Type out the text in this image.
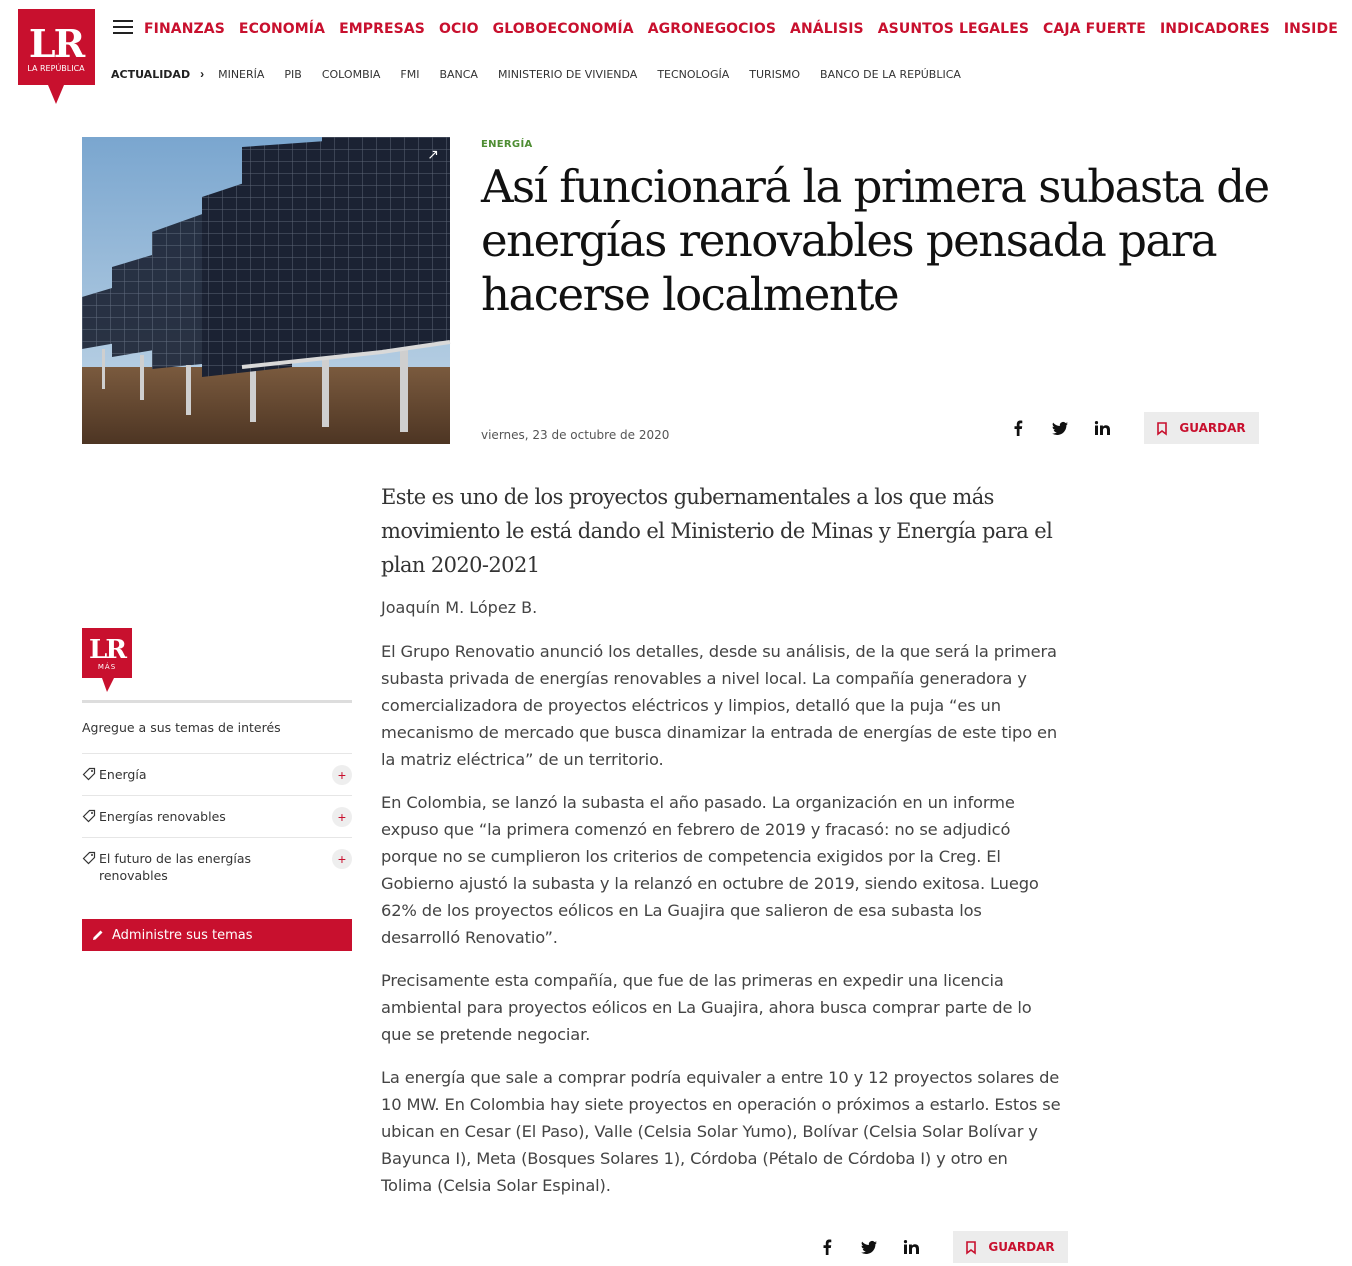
LR
LA REPÚBLICA
FINANZAS ECONOMÍA EMPRESAS OCIO GLOBOECONOMÍA AGRONEGOCIOS ANÁLISIS ASUNTOS LEGALES CAJA FUERTE INDICADORES INSIDE
ACTUALIDAD › MINERÍA PIB COLOMBIA FMI BANCA MINISTERIO DE VIVIENDA TECNOLOGÍA TURISMO BANCO DE LA REPÚBLICA
↗
ENERGÍA
Así funcionará la primera subasta de energías renovables pensada para hacerse localmente
viernes, 23 de octubre de 2020	GUARDAR
Este es uno de los proyectos gubernamentales a los que más movimiento le está dando el Ministerio de Minas y Energía para el plan 2020-2021
Joaquín M. López B.

El Grupo Renovatio anunció los detalles, desde su análisis, de la que será la primera subasta privada de energías renovables a nivel local. La compañía generadora y comercializadora de proyectos eléctricos y limpios, detalló que la puja “es un mecanismo de mercado que busca dinamizar la entrada de energías de este tipo en la matriz eléctrica” de un territorio.

En Colombia, se lanzó la subasta el año pasado. La organización en un informe expuso que “la primera comenzó en febrero de 2019 y fracasó: no se adjudicó porque no se cumplieron los criterios de competencia exigidos por la Creg. El Gobierno ajustó la subasta y la relanzó en octubre de 2019, siendo exitosa. Luego 62% de los proyectos eólicos en La Guajira que salieron de esa subasta los desarrolló Renovatio”.

Precisamente esta compañía, que fue de las primeras en expedir una licencia ambiental para proyectos eólicos en La Guajira, ahora busca comprar parte de lo que se pretende negociar.

La energía que sale a comprar podría equivaler a entre 10 y 12 proyectos solares de 10 MW. En Colombia hay siete proyectos en operación o próximos a estarlo. Estos se ubican en Cesar (El Paso), Valle (Celsia Solar Yumo), Bolívar (Celsia Solar Bolívar y Bayunca I), Meta (Bosques Solares 1), Córdoba (Pétalo de Córdoba I) y otro en Tolima (Celsia Solar Espinal).

GUARDAR
LR
MÁS
Agregue a sus temas de interés
Energía	+
Energías renovables	+
El futuro de las energías renovables
+
Administre sus temas
